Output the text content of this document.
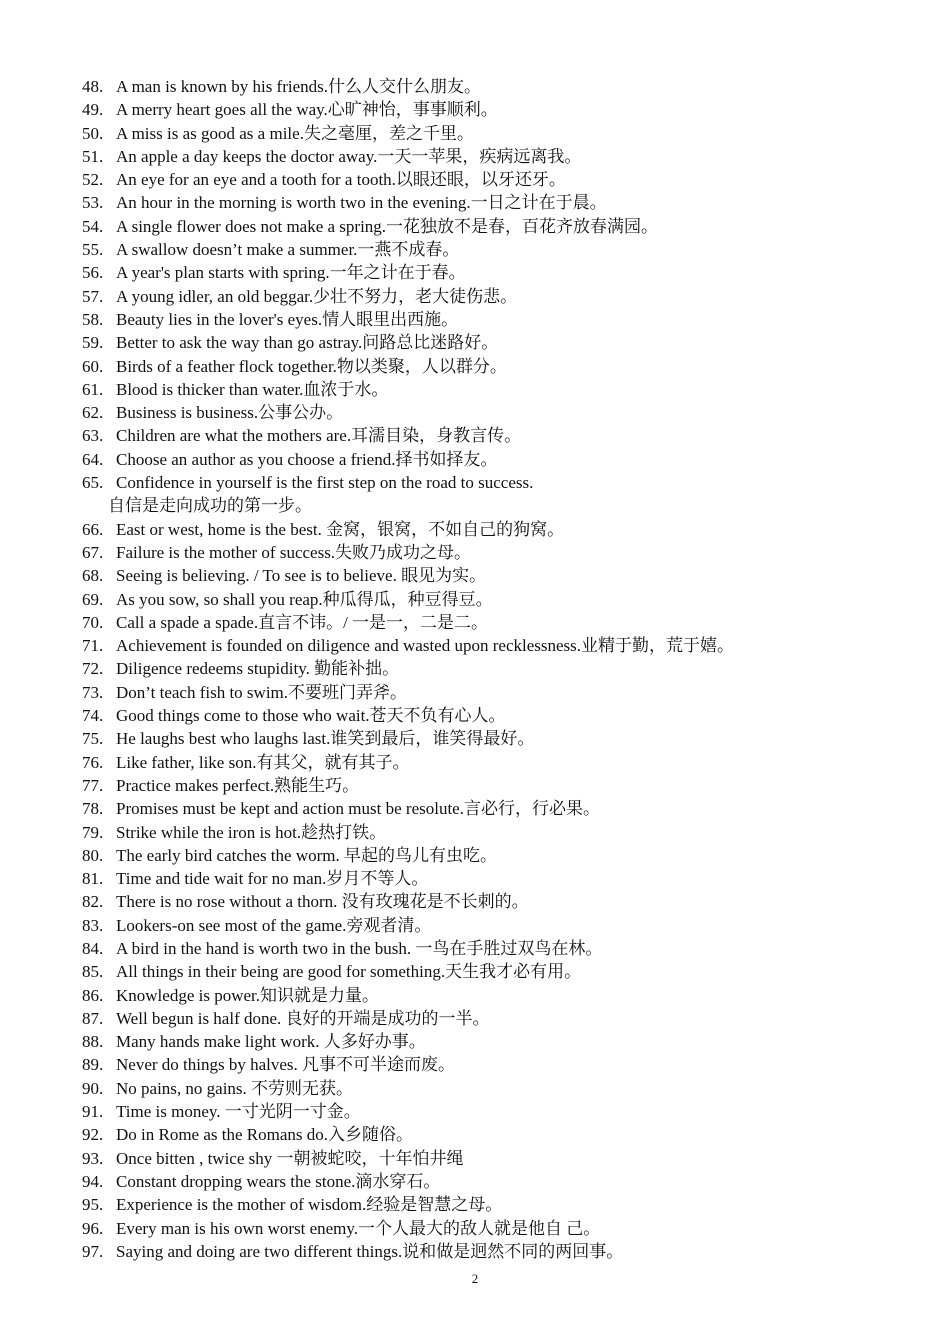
48. A man is known by his friends.什么人交什么朋友。
49. A merry heart goes all the way.心旷神怡，事事顺利。
50. A miss is as good as a mile.失之毫厘，差之千里。
51. An apple a day keeps the doctor away.一天一苹果，疾病远离我。
52. An eye for an eye and a tooth for a tooth.以眼还眼，以牙还牙。
53. An hour in the morning is worth two in the evening.一日之计在于晨。
54. A single flower does not make a spring.一花独放不是春，百花齐放春满园。
55. A swallow doesn’t make a summer.一燕不成春。
56. A year's plan starts with spring.一年之计在于春。
57. A young idler, an old beggar.少壮不努力，老大徒伤悲。
58. Beauty lies in the lover's eyes.情人眼里出西施。
59. Better to ask the way than go astray.问路总比迷路好。
60. Birds of a feather flock together.物以类聚，人以群分。
61. Blood is thicker than water.血浓于水。
62. Business is business.公事公办。
63. Children are what the mothers are.耳濡目染，身教言传。
64. Choose an author as you choose a friend.择书如择友。
65. Confidence in yourself is the first step on the road to success.
自信是走向成功的第一步。
66. East or west, home is the best. 金窝，银窝，不如自己的狗窝。
67. Failure is the mother of success.失败乃成功之母。
68. Seeing is believing. / To see is to believe. 眼见为实。
69. As you sow, so shall you reap.种瓜得瓜，种豆得豆。
70. Call a spade a spade.直言不讳。/ 一是一，二是二。
71. Achievement is founded on diligence and wasted upon recklessness.业精于勤，荒于嬉。
72. Diligence redeems stupidity. 勤能补拙。
73. Don’t teach fish to swim.不要班门弄斧。
74. Good things come to those who wait.苍天不负有心人。
75. He laughs best who laughs last.谁笑到最后，谁笑得最好。
76. Like father, like son.有其父，就有其子。
77. Practice makes perfect.熟能生巧。
78. Promises must be kept and action must be resolute.言必行，行必果。
79. Strike while the iron is hot.趁热打铁。
80. The early bird catches the worm. 早起的鸟儿有虫吃。
81. Time and tide wait for no man.岁月不等人。
82. There is no rose without a thorn. 没有玫瑰花是不长刺的。
83. Lookers-on see most of the game.旁观者清。
84. A bird in the hand is worth two in the bush. 一鸟在手胜过双鸟在林。
85. All things in their being are good for something.天生我才必有用。
86. Knowledge is power.知识就是力量。
87. Well begun is half done. 良好的开端是成功的一半。
88. Many hands make light work. 人多好办事。
89. Never do things by halves. 凡事不可半途而废。
90. No pains, no gains. 不劳则无获。
91. Time is money. 一寸光阴一寸金。
92. Do in Rome as the Romans do.入乡随俗。
93. Once bitten , twice shy 一朝被蛇咬，十年怕井绳
94. Constant dropping wears the stone.滴水穿石。
95. Experience is the mother of wisdom.经验是智慧之母。
96. Every man is his own worst enemy.一个人最大的敌人就是他自 己。
97. Saying and doing are two different things.说和做是迥然不同的两回事。
2
